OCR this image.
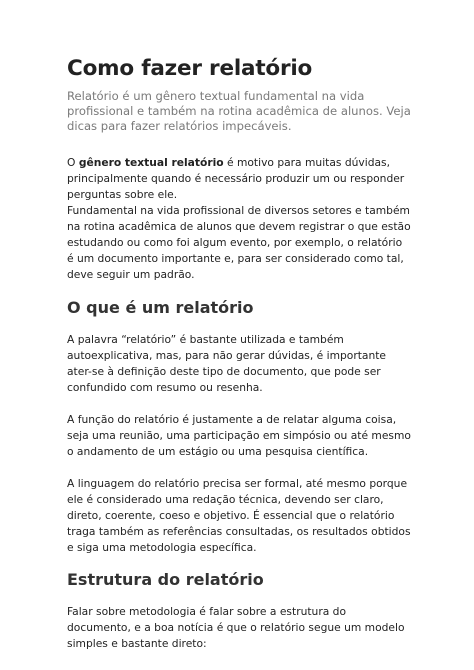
Como fazer relatório
Relatório é um gênero textual fundamental na vida profissional e também na rotina acadêmica de alunos. Veja dicas para fazer relatórios impecáveis.

O gênero textual relatório é motivo para muitas dúvidas, principalmente quando é necessário produzir um ou responder perguntas sobre ele.

Fundamental na vida profissional de diversos setores e também na rotina acadêmica de alunos que devem registrar o que estão estudando ou como foi algum evento, por exemplo, o relatório é um documento importante e, para ser considerado como tal, deve seguir um padrão.

O que é um relatório

A palavra “relatório” é bastante utilizada e também autoexplicativa, mas, para não gerar dúvidas, é importante ater-se à definição deste tipo de documento, que pode ser confundido com resumo ou resenha.

A função do relatório é justamente a de relatar alguma coisa, seja uma reunião, uma participação em simpósio ou até mesmo o andamento de um estágio ou uma pesquisa científica.

A linguagem do relatório precisa ser formal, até mesmo porque ele é considerado uma redação técnica, devendo ser claro, direto, coerente, coeso e objetivo. É essencial que o relatório traga também as referências consultadas, os resultados obtidos e siga uma metodologia específica.

Estrutura do relatório

Falar sobre metodologia é falar sobre a estrutura do documento, e a boa notícia é que o relatório segue um modelo simples e bastante direto:
